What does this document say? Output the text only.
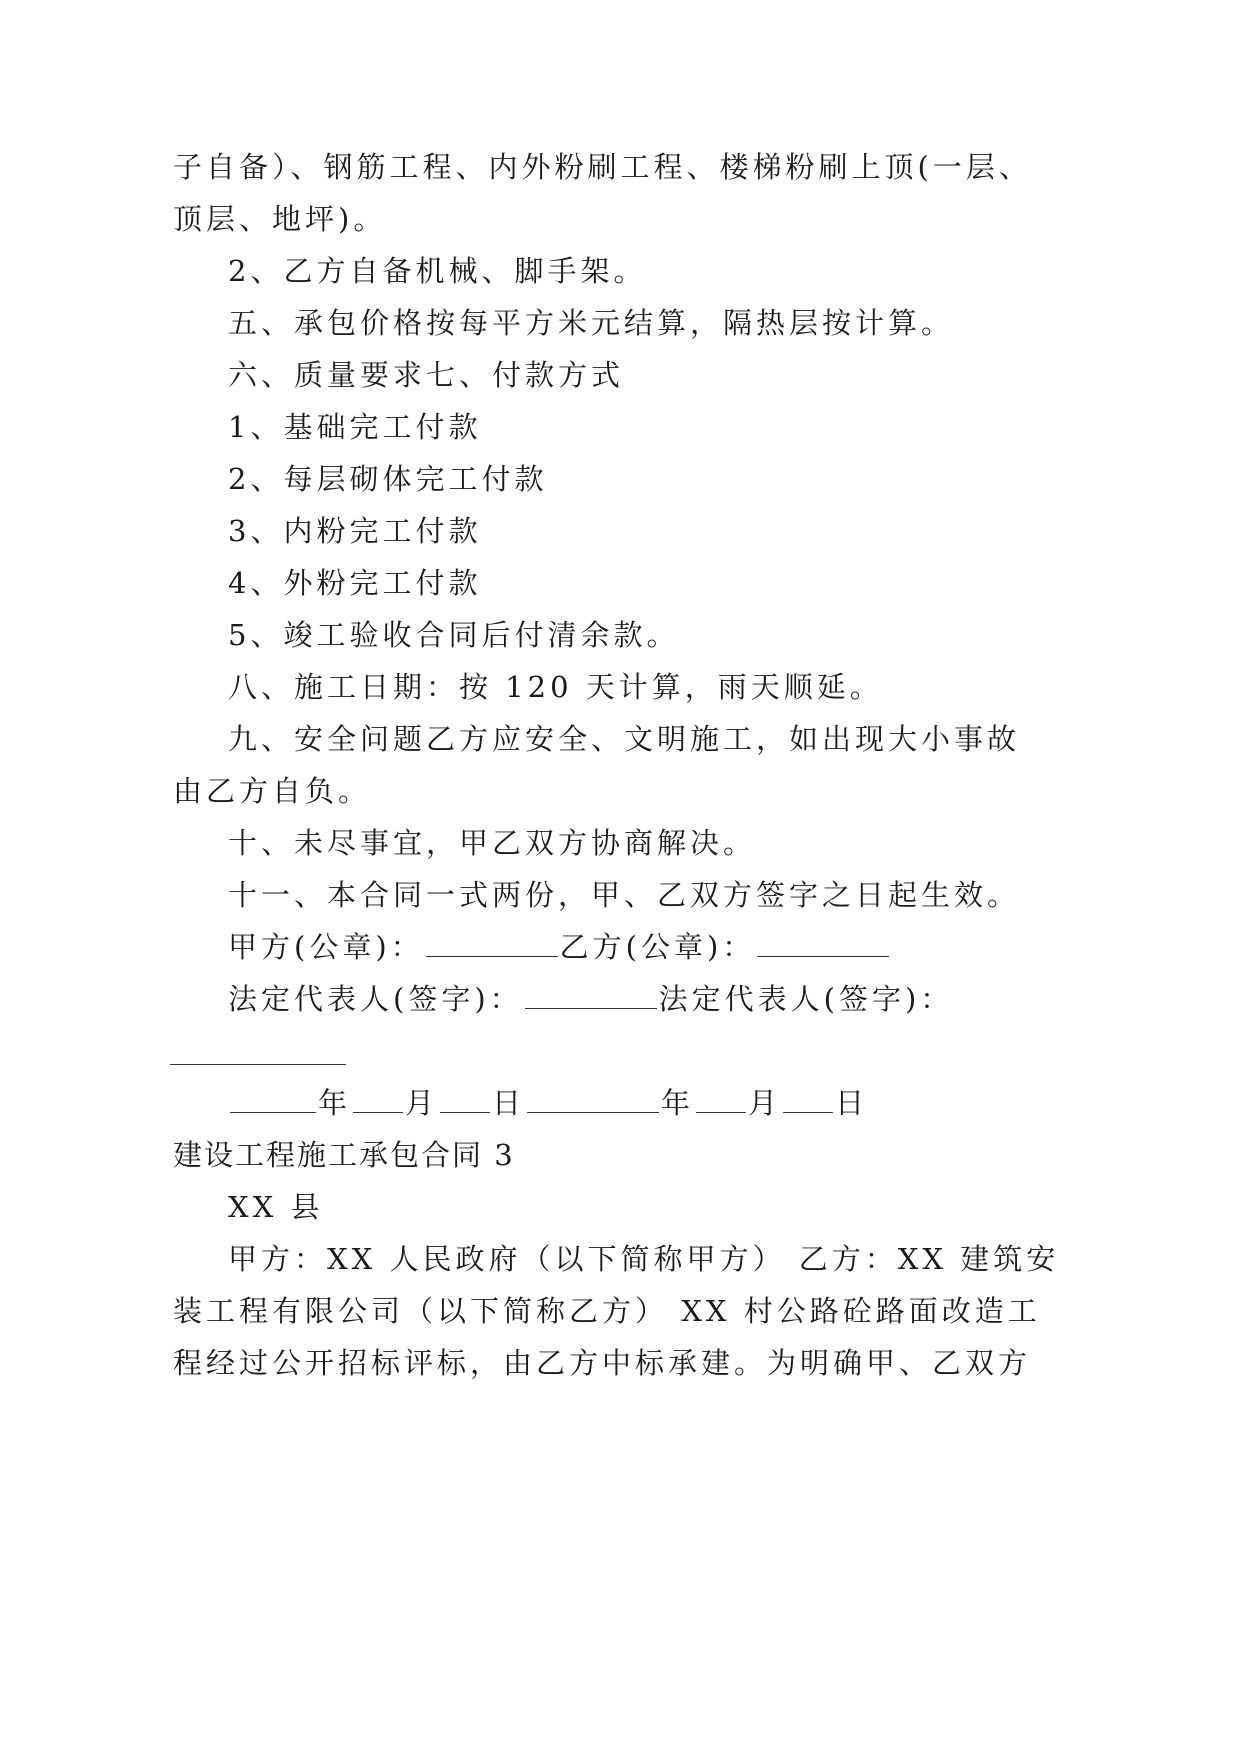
子自备）、钢筋工程、内外粉刷工程、楼梯粉刷上顶(一层、
顶层、地坪)。
2、乙方自备机械、脚手架。
五、承包价格按每平方米元结算，隔热层按计算。
六、质量要求七、付款方式
1、基础完工付款
2、每层砌体完工付款
3、内粉完工付款
4、外粉完工付款
5、竣工验收合同后付清余款。
八、施工日期：按 120 天计算，雨天顺延。
九、安全问题乙方应安全、文明施工，如出现大小事故
由乙方自负。
十、未尽事宜，甲乙双方协商解决。
十一、本合同一式两份，甲、乙双方签字之日起生效。
甲方(公章)：	乙方(公章)：
法定代表人(签字)：	法定代表人(签字)：
年 月 日	年 月 日
建设工程施工承包合同 3
XX 县
甲方：XX 人民政府（以下简称甲方） 乙方：XX 建筑安
装工程有限公司（以下简称乙方） XX 村公路砼路面改造工
程经过公开招标评标，由乙方中标承建。为明确甲、乙双方
